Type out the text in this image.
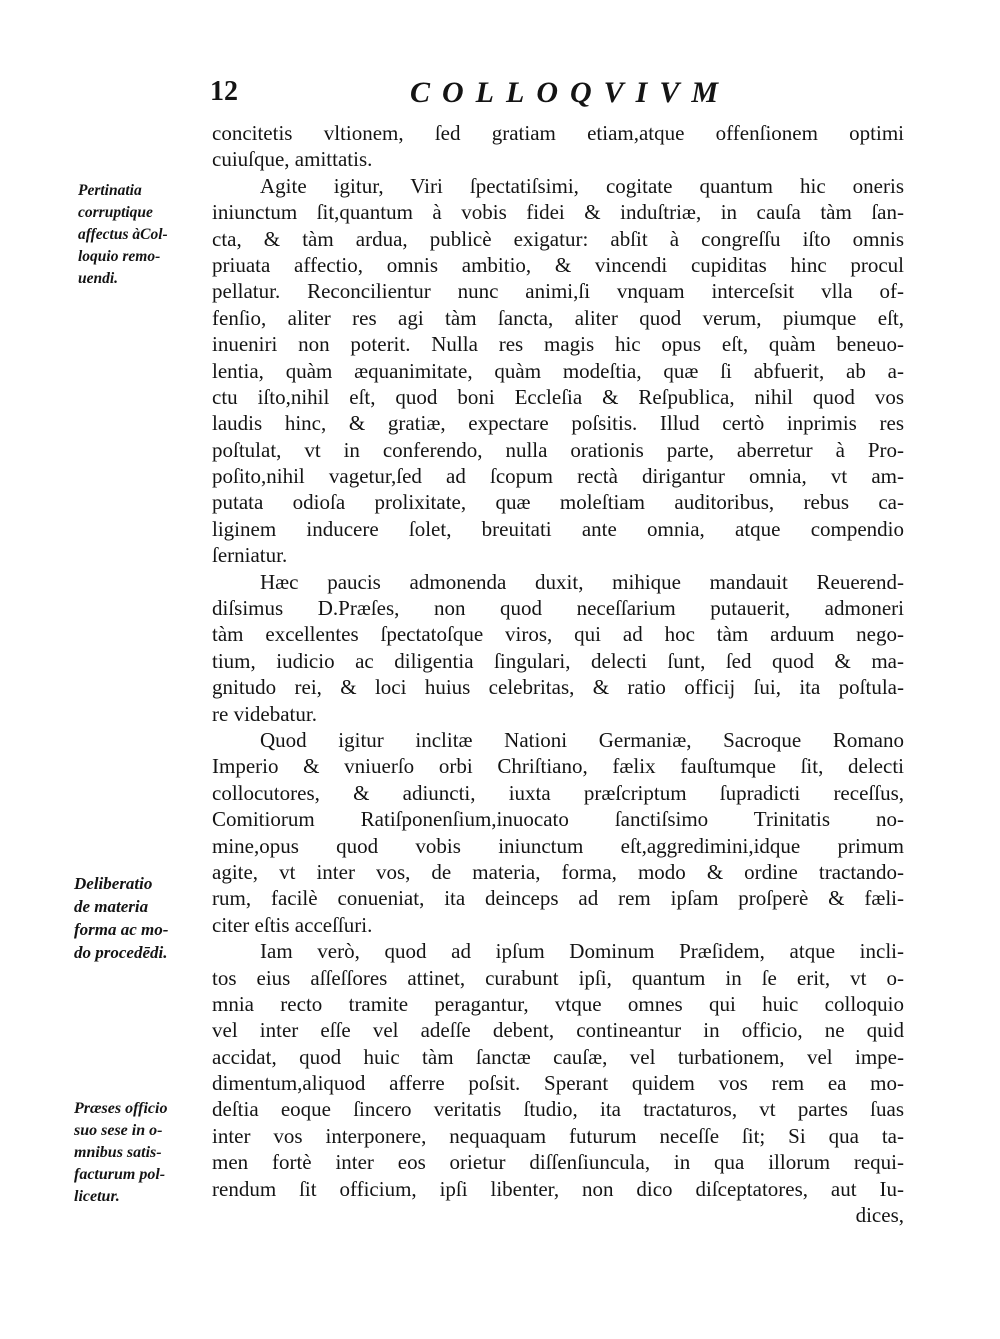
12	COLLOQVIVM
Pertinatia
corruptique
affectus àCol-
loquio remo-
uendi.
Deliberatio
de materia
forma ac mo-
do procedēdi.
Præses officio
suo sese in o-
mnibus satis-
facturum pol-
licetur.
concitetis vltionem, ſed gratiam etiam,atque offenſionem optimi
cuiuſque, amittatis.
Agite igitur, Viri ſpectatiſsimi, cogitate quantum hic oneris
iniunctum ſit,quantum à vobis fidei & induſtriæ, in cauſa tàm ſan-
cta, & tàm ardua, publicè exigatur: abſit à congreſſu iſto omnis
priuata affectio, omnis ambitio, & vincendi cupiditas hinc procul
pellatur. Reconcilientur nunc animi,ſi vnquam interceſsit vlla of-
fenſio, aliter res agi tàm ſancta, aliter quod verum, piumque eſt,
inueniri non poterit. Nulla res magis hic opus eſt, quàm beneuo-
lentia, quàm æquanimitate, quàm modeſtia, quæ ſi abfuerit, ab a-
ctu iſto,nihil eſt, quod boni Eccleſia & Reſpublica, nihil quod vos
laudis hinc, & gratiæ, expectare poſsitis. Illud certò inprimis res
poſtulat, vt in conferendo, nulla orationis parte, aberretur à Pro-
poſito,nihil vagetur,ſed ad ſcopum rectà dirigantur omnia, vt am-
putata odioſa prolixitate, quæ moleſtiam auditoribus, rebus ca-
liginem inducere ſolet, breuitati ante omnia, atque compendio
ſerniatur.
Hæc paucis admonenda duxit, mihique mandauit Reuerend-
diſsimus D.Præſes, non quod neceſſarium putauerit, admoneri
tàm excellentes ſpectatoſque viros, qui ad hoc tàm arduum nego-
tium, iudicio ac diligentia ſingulari, delecti ſunt, ſed quod & ma-
gnitudo rei, & loci huius celebritas, & ratio officij ſui, ita poſtula-
re videbatur.
Quod igitur inclitæ Nationi Germaniæ, Sacroque Romano
Imperio & vniuerſo orbi Chriſtiano, fælix fauſtumque ſit, delecti
collocutores, & adiuncti, iuxta præſcriptum ſupradicti receſſus,
Comitiorum Ratiſponenſium,inuocato ſanctiſsimo Trinitatis no-
mine,opus quod vobis iniunctum eſt,aggredimini,idque primum
agite, vt inter vos, de materia, forma, modo & ordine tractando-
rum, facilè conueniat, ita deinceps ad rem ipſam proſperè & fæli-
citer eſtis acceſſuri.
Iam verò, quod ad ipſum Dominum Præſidem, atque incli-
tos eius aſſeſſores attinet, curabunt ipſi, quantum in ſe erit, vt o-
mnia recto tramite peragantur, vtque omnes qui huic colloquio
vel inter eſſe vel adeſſe debent, contineantur in officio, ne quid
accidat, quod huic tàm ſanctæ cauſæ, vel turbationem, vel impe-
dimentum,aliquod afferre poſsit. Sperant quidem vos rem ea mo-
deſtia eoque ſincero veritatis ſtudio, ita tractaturos, vt partes ſuas
inter vos interponere, nequaquam futurum neceſſe ſit; Si qua ta-
men fortè inter eos orietur diſſenſiuncula, in qua illorum requi-
rendum ſit officium, ipſi libenter, non dico diſceptatores, aut Iu-
dices,
